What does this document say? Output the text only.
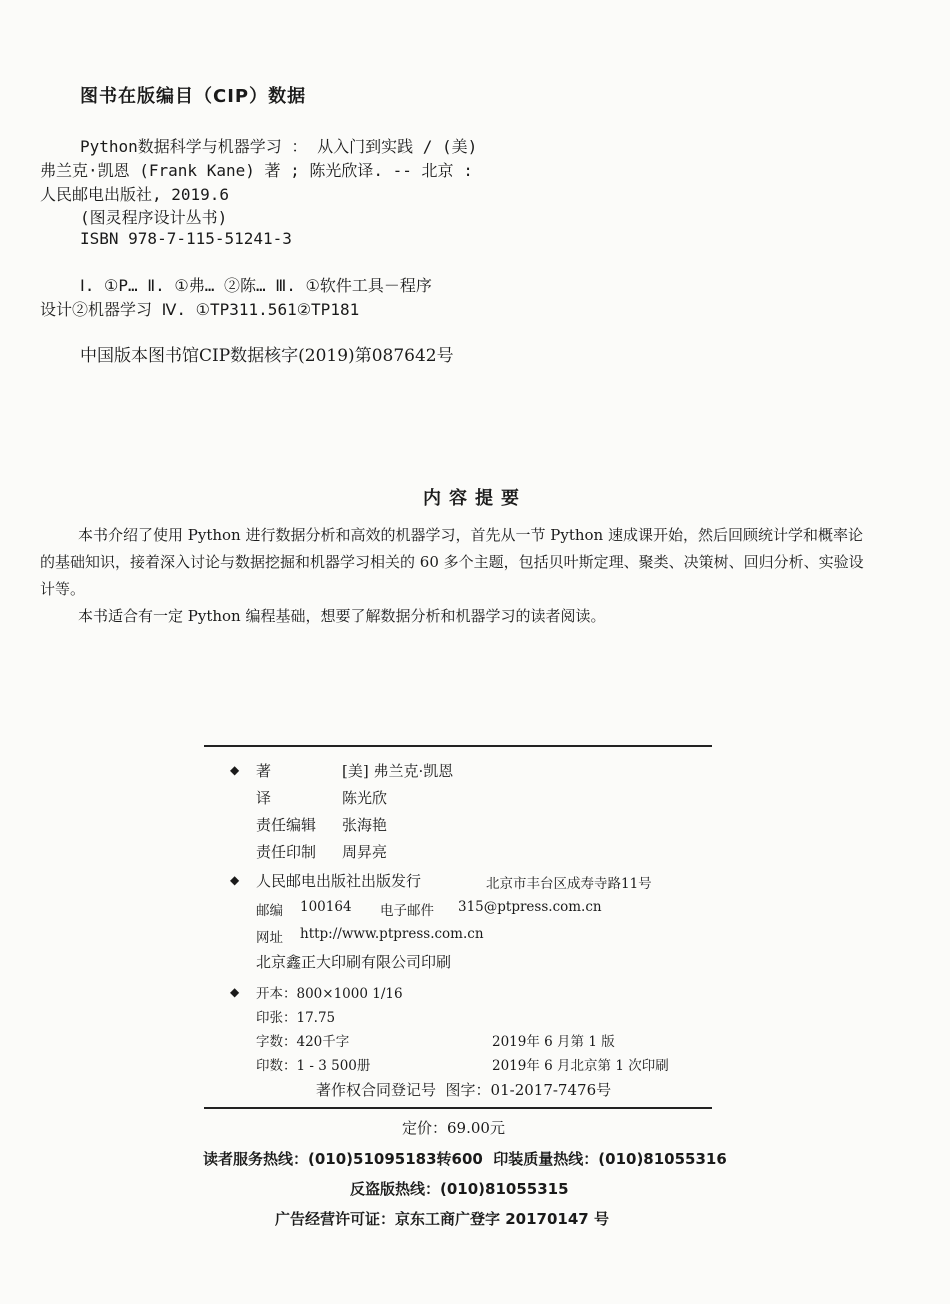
图书在版编目（CIP）数据
Python数据科学与机器学习 ： 从入门到实践 / (美)
弗兰克·凯恩 (Frank Kane) 著 ; 陈光欣译. -- 北京 :
人民邮电出版社, 2019.6
(图灵程序设计丛书)
ISBN 978-7-115-51241-3
Ⅰ. ①P… Ⅱ. ①弗… ②陈… Ⅲ. ①软件工具－程序
设计②机器学习 Ⅳ. ①TP311.561②TP181
中国版本图书馆CIP数据核字(2019)第087642号
内容提要
本书介绍了使用 Python 进行数据分析和高效的机器学习，首先从一节 Python 速成课开始，然后回顾统计学和概率论的基础知识，接着深入讨论与数据挖掘和机器学习相关的 60 多个主题，包括贝叶斯定理、聚类、决策树、回归分析、实验设计等。
本书适合有一定 Python 编程基础，想要了解数据分析和机器学习的读者阅读。
◆ 著	[美] 弗兰克·凯恩
译	陈光欣
责任编辑 张海艳
责任印制 周昇亮
◆ 人民邮电出版社出版发行	北京市丰台区成寿寺路11号
邮编 100164 电子邮件 315@ptpress.com.cn
网址 http://www.ptpress.com.cn
北京鑫正大印刷有限公司印刷
◆ 开本：800×1000 1/16
印张：17.75
字数：420千字	2019年 6 月第 1 版
印数：1 - 3 500册	2019年 6 月北京第 1 次印刷
著作权合同登记号  图字：01-2017-7476号
定价：69.00元
读者服务热线：(010)51095183转600  印装质量热线：(010)81055316
反盗版热线：(010)81055315
广告经营许可证：京东工商广登字 20170147 号
